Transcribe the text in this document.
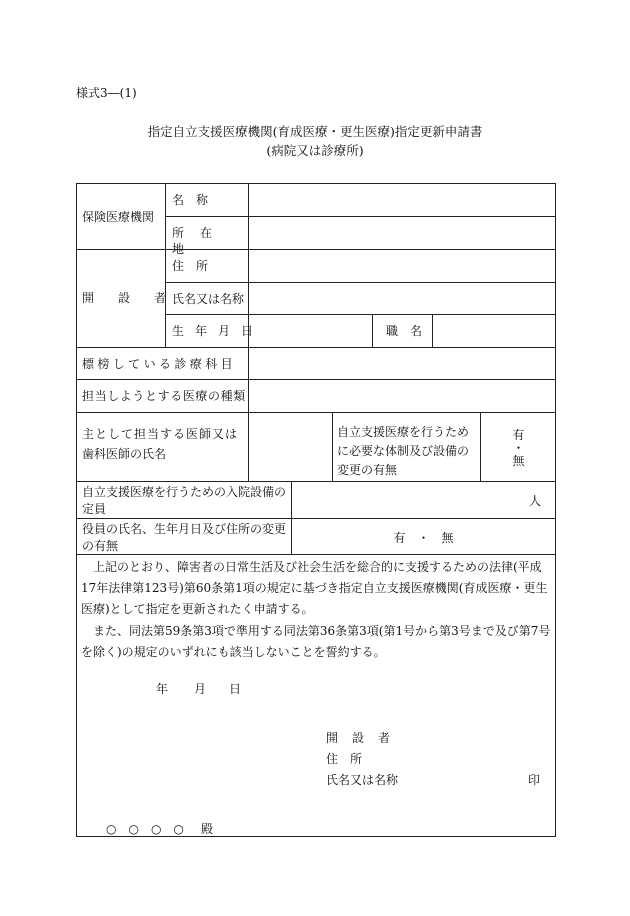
様式3―(1)
指定自立支援医療機関(育成医療・更生医療)指定更新申請書
(病院又は診療所)
保険医療機関
名　称
所在地
開設者
住　所
氏名又は名称
生年月日	職　名
標榜している診療科目
担当しようとする医療の種類
主として担当する医師又は
歯科医師の氏名
自立支援医療を行うため
に必要な体制及び設備の
変更の有無
有
・
無
自立支援医療を行うための入院設備の
定員
人
役員の氏名、生年月日及び住所の変更
の有無
有　・　無
上記のとおり、障害者の日常生活及び社会生活を総合的に支援するための法律(平成17年法律第123号)第60条第1項の規定に基づき指定自立支援医療機関(育成医療・更生医療)として指定を更新されたく申請する。
また、同法第59条第3項で準用する同法第36条第3項(第1号から第3号まで及び第7号を除く)の規定のいずれにも該当しないことを誓約する。
年 月 日
開設者
住　所
氏名又は名称	印
○　○　○　○ 殿
